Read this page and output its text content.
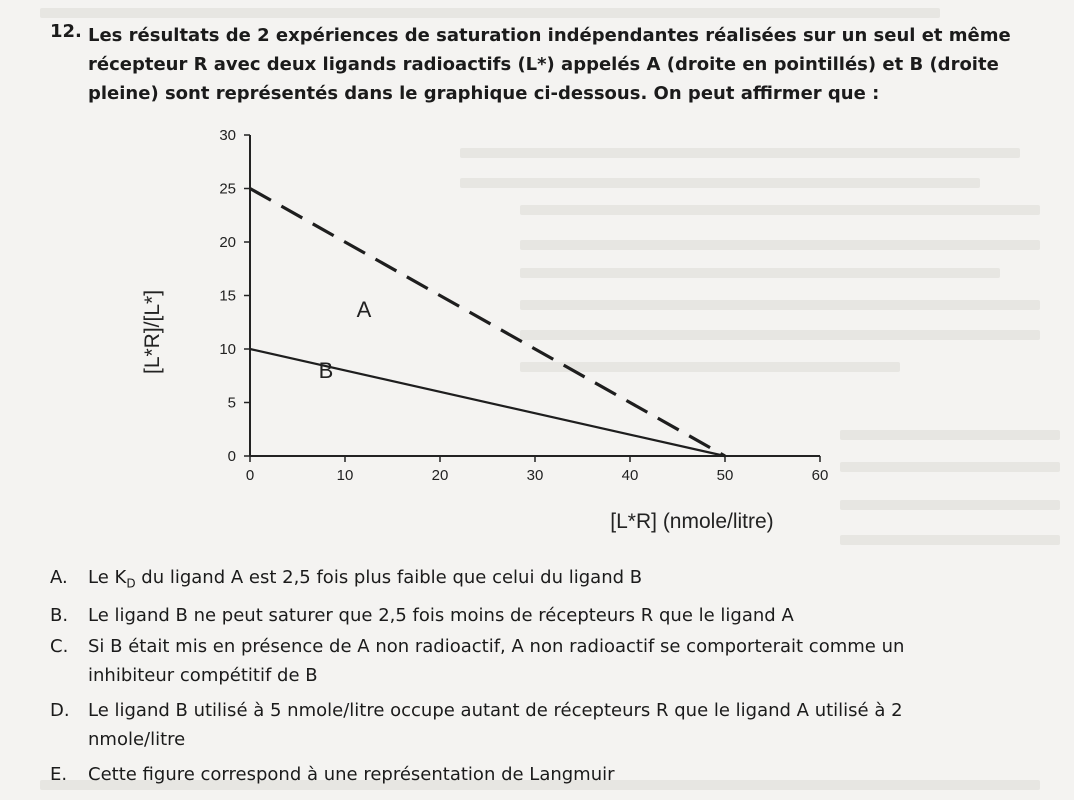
12. Les résultats de 2 expériences de saturation indépendantes réalisées sur un seul et même
récepteur R avec deux ligands radioactifs (L*) appelés A (droite en pointillés) et B (droite
pleine) sont représentés dans le graphique ci-dessous. On peut affirmer que :
0
5
10
15
20
25
30
0	10	20	30	40	50	60
A
B
[L*R]/[L*]
[L*R] (nmole/litre)
A. Le $K_D$ du ligand A est 2,5 fois plus faible que celui du ligand B
B. Le ligand B ne peut saturer que 2,5 fois moins de récepteurs R que le ligand A
C. Si B était mis en présence de A non radioactif, A non radioactif se comporterait comme un
inhibiteur compétitif de B
D. Le ligand B utilisé à 5 nmole/litre occupe autant de récepteurs R que le ligand A utilisé à 2
nmole/litre
E. Cette figure correspond à une représentation de Langmuir
